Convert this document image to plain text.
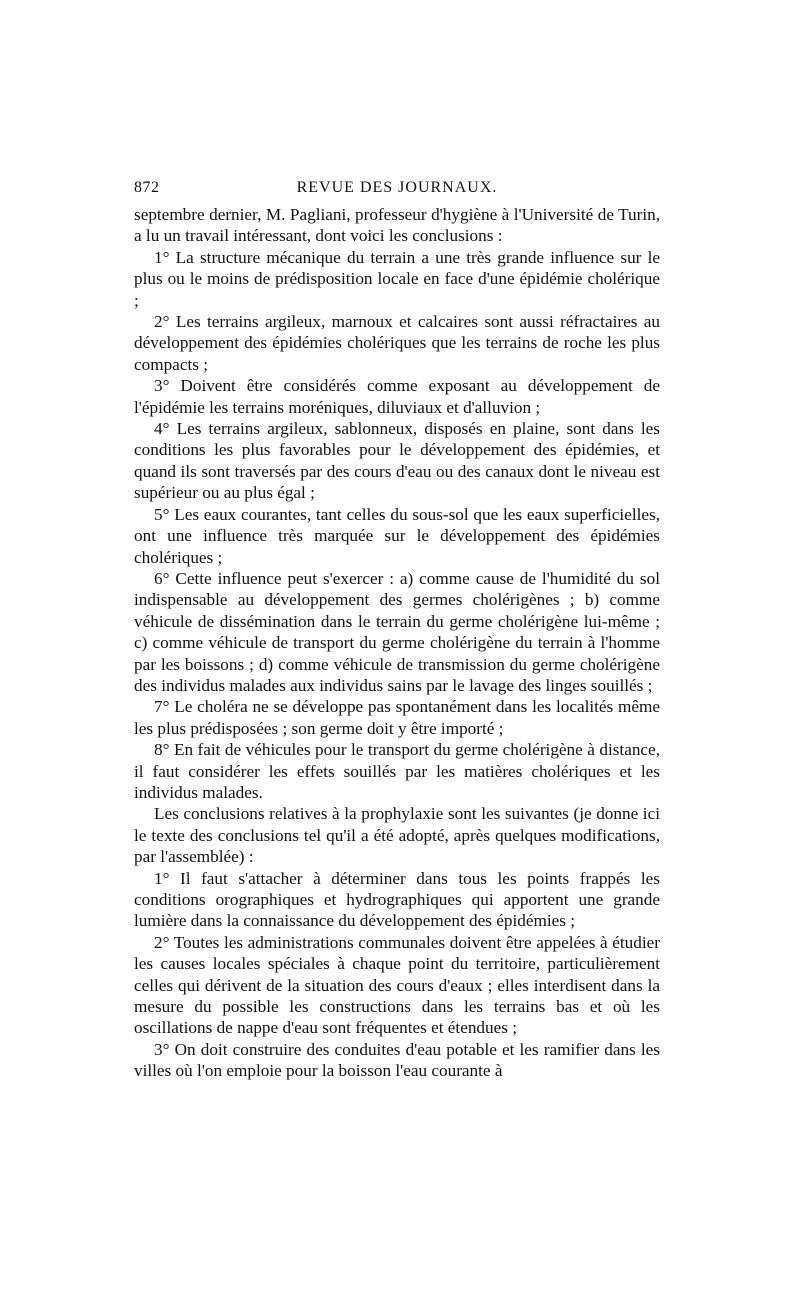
872	REVUE DES JOURNAUX.

septembre dernier, M. Pagliani, professeur d'hygiène à l'Université de Turin, a lu un travail intéressant, dont voici les conclusions :

1° La structure mécanique du terrain a une très grande influence sur le plus ou le moins de prédisposition locale en face d'une épidémie cholérique ;

2° Les terrains argileux, marnoux et calcaires sont aussi réfractaires au développement des épidémies cholériques que les terrains de roche les plus compacts ;

3° Doivent être considérés comme exposant au développement de l'épidémie les terrains moréniques, diluviaux et d'alluvion ;

4° Les terrains argileux, sablonneux, disposés en plaine, sont dans les conditions les plus favorables pour le développement des épidémies, et quand ils sont traversés par des cours d'eau ou des canaux dont le niveau est supérieur ou au plus égal ;

5° Les eaux courantes, tant celles du sous-sol que les eaux superficielles, ont une influence très marquée sur le développement des épidémies cholériques ;

6° Cette influence peut s'exercer : a) comme cause de l'humidité du sol indispensable au développement des germes cholérigènes ; b) comme véhicule de dissémination dans le terrain du germe cholérigène lui-même ; c) comme véhicule de transport du germe cholérigène du terrain à l'homme par les boissons ; d) comme véhicule de transmission du germe cholérigène des individus malades aux individus sains par le lavage des linges souillés ;

7° Le choléra ne se développe pas spontanément dans les localités même les plus prédisposées ; son germe doit y être importé ;

8° En fait de véhicules pour le transport du germe cholérigène à distance, il faut considérer les effets souillés par les matières cholériques et les individus malades.

Les conclusions relatives à la prophylaxie sont les suivantes (je donne ici le texte des conclusions tel qu'il a été adopté, après quelques modifications, par l'assemblée) :

1° Il faut s'attacher à déterminer dans tous les points frappés les conditions orographiques et hydrographiques qui apportent une grande lumière dans la connaissance du développement des épidémies ;

2° Toutes les administrations communales doivent être appelées à étudier les causes locales spéciales à chaque point du territoire, particulièrement celles qui dérivent de la situation des cours d'eaux ; elles interdisent dans la mesure du possible les constructions dans les terrains bas et où les oscillations de nappe d'eau sont fréquentes et étendues ;

3° On doit construire des conduites d'eau potable et les ramifier dans les villes où l'on emploie pour la boisson l'eau courante à
